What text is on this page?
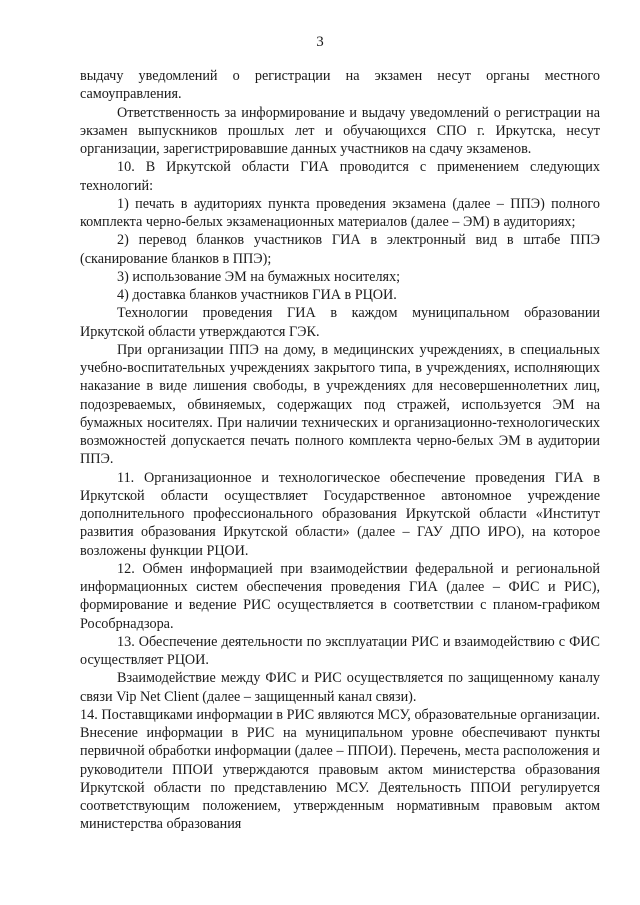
3

выдачу уведомлений о регистрации на экзамен несут органы местного самоуправления.

Ответственность за информирование и выдачу уведомлений о регистрации на экзамен выпускников прошлых лет и обучающихся СПО г. Иркутска, несут организации, зарегистрировавшие данных участников на сдачу экзаменов.

10. В Иркутской области ГИА проводится с применением следующих технологий:

1) печать в аудиториях пункта проведения экзамена (далее – ППЭ) полного комплекта черно-белых экзаменационных материалов (далее – ЭМ) в аудиториях;

2) перевод бланков участников ГИА в электронный вид в штабе ППЭ (сканирование бланков в ППЭ);

3) использование ЭМ на бумажных носителях;

4) доставка бланков участников ГИА в РЦОИ.

Технологии проведения ГИА в каждом муниципальном образовании Иркутской области утверждаются ГЭК.

При организации ППЭ на дому, в медицинских учреждениях, в специальных учебно-воспитательных учреждениях закрытого типа, в учреждениях, исполняющих наказание в виде лишения свободы, в учреждениях для несовершеннолетних лиц, подозреваемых, обвиняемых, содержащих под стражей, используется ЭМ на бумажных носителях. При наличии технических и организационно-технологических возможностей допускается печать полного комплекта черно-белых ЭМ в аудитории ППЭ.

11. Организационное и технологическое обеспечение проведения ГИА в Иркутской области осуществляет Государственное автономное учреждение дополнительного профессионального образования Иркутской области «Институт развития образования Иркутской области» (далее – ГАУ ДПО ИРО), на которое возложены функции РЦОИ.

12. Обмен информацией при взаимодействии федеральной и региональной информационных систем обеспечения проведения ГИА (далее – ФИС и РИС), формирование и ведение РИС осуществляется в соответствии с планом-графиком Рособрнадзора.

13. Обеспечение деятельности по эксплуатации РИС и взаимодействию с ФИС осуществляет РЦОИ.

Взаимодействие между ФИС и РИС осуществляется по защищенному каналу связи Vip Net Client (далее – защищенный канал связи).

14. Поставщиками информации в РИС являются МСУ, образовательные организации. Внесение информации в РИС на муниципальном уровне обеспечивают пункты первичной обработки информации (далее – ППОИ). Перечень, места расположения и руководители ППОИ утверждаются правовым актом министерства образования Иркутской области по представлению МСУ. Деятельность ППОИ регулируется соответствующим положением, утвержденным нормативным правовым актом министерства образования
